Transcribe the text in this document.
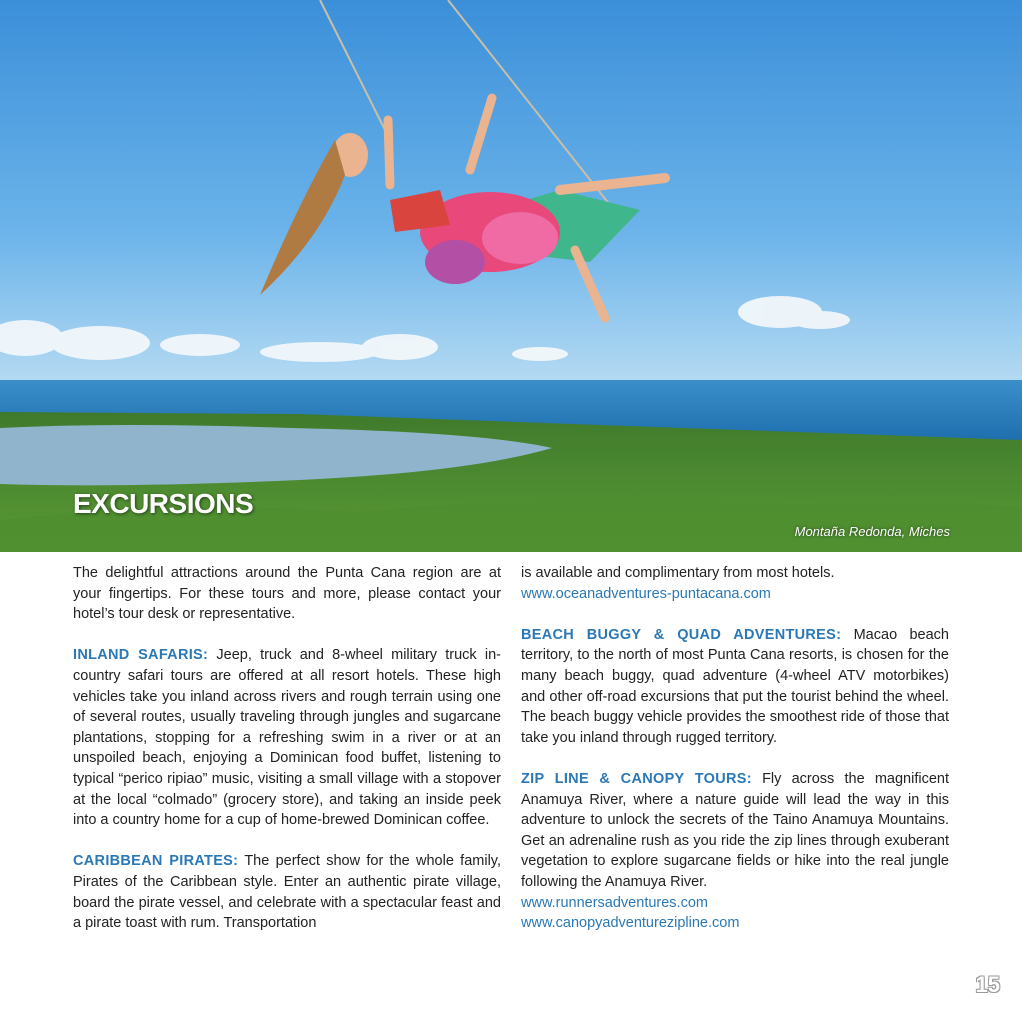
EXCURSIONS
Montaña Redonda, Miches

The delightful attractions around the Punta Cana region are at your fingertips. For these tours and more, please contact your hotel’s tour desk or representative.

INLAND SAFARIS: Jeep, truck and 8-wheel military truck in-country safari tours are offered at all resort hotels. These high vehicles take you inland across rivers and rough terrain using one of several routes, usually traveling through jungles and sugarcane plantations, stopping for a refreshing swim in a river or at an unspoiled beach, enjoying a Dominican food buffet, listening to typical “perico ripiao” music, visiting a small village with a stopover at the local “colmado” (grocery store), and taking an inside peek into a country home for a cup of home-brewed Dominican coffee.

CARIBBEAN PIRATES: The perfect show for the whole family, Pirates of the Caribbean style. Enter an authentic pirate village, board the pirate vessel, and celebrate with a spectacular feast and a pirate toast with rum. Transportation

is available and complimentary from most hotels.
www.oceanadventures-puntacana.com

BEACH BUGGY & QUAD ADVENTURES: Macao beach territory, to the north of most Punta Cana resorts, is chosen for the many beach buggy, quad adventure (4-wheel ATV motorbikes) and other off-road excursions that put the tourist behind the wheel. The beach buggy vehicle provides the smoothest ride of those that take you inland through rugged territory.

ZIP LINE & CANOPY TOURS: Fly across the magnificent Anamuya River, where a nature guide will lead the way in this adventure to unlock the secrets of the Taino Anamuya Mountains. Get an adrenaline rush as you ride the zip lines through exuberant vegetation to explore sugarcane fields or hike into the real jungle following the Anamuya River.
www.runnersadventures.com
www.canopyadventurezipline.com

15
